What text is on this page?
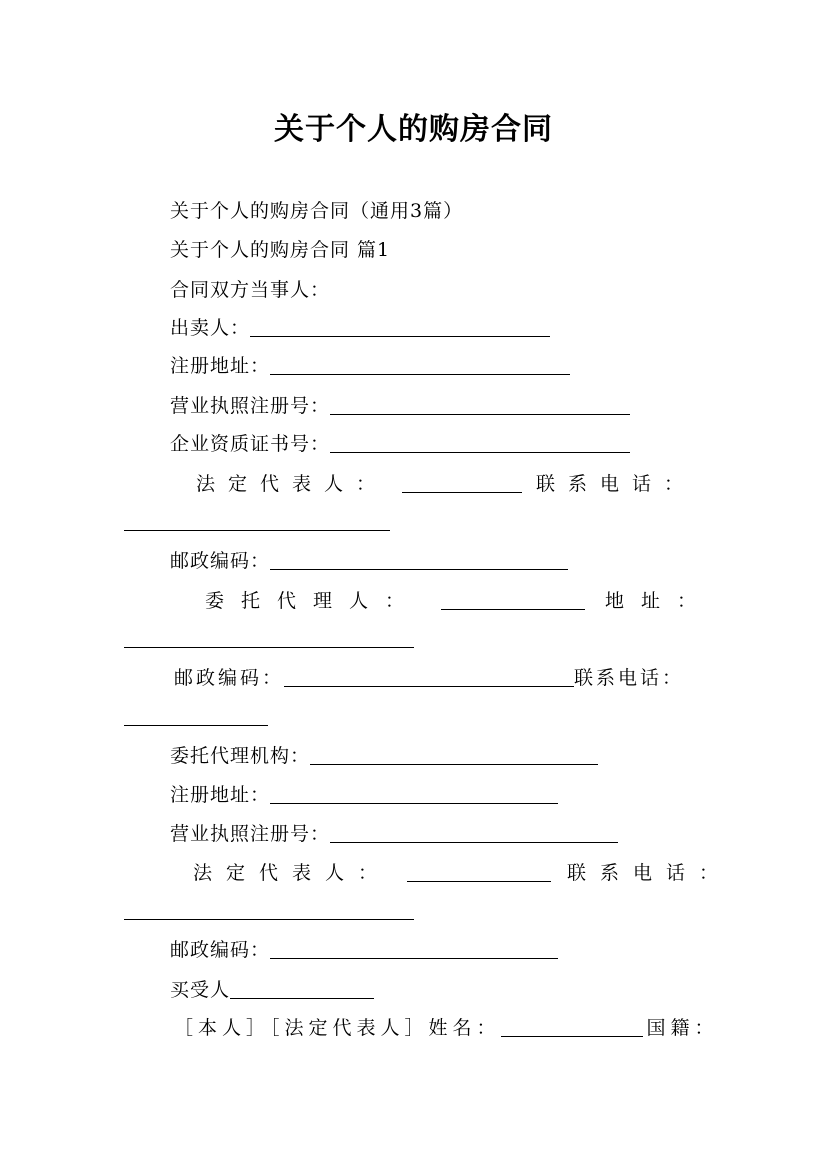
关于个人的购房合同
关于个人的购房合同（通用3篇）
关于个人的购房合同 篇1
合同双方当事人：
出卖人：
注册地址：
营业执照注册号：
企业资质证书号：
法定代表人：	联系电话：
邮政编码：
委托代理人：	地址：
邮政编码：	联系电话：
委托代理机构：
注册地址：
营业执照注册号：
法定代表人：	联系电话：
邮政编码：
买受人
［本人］［法定代表人］姓名：	国籍：
